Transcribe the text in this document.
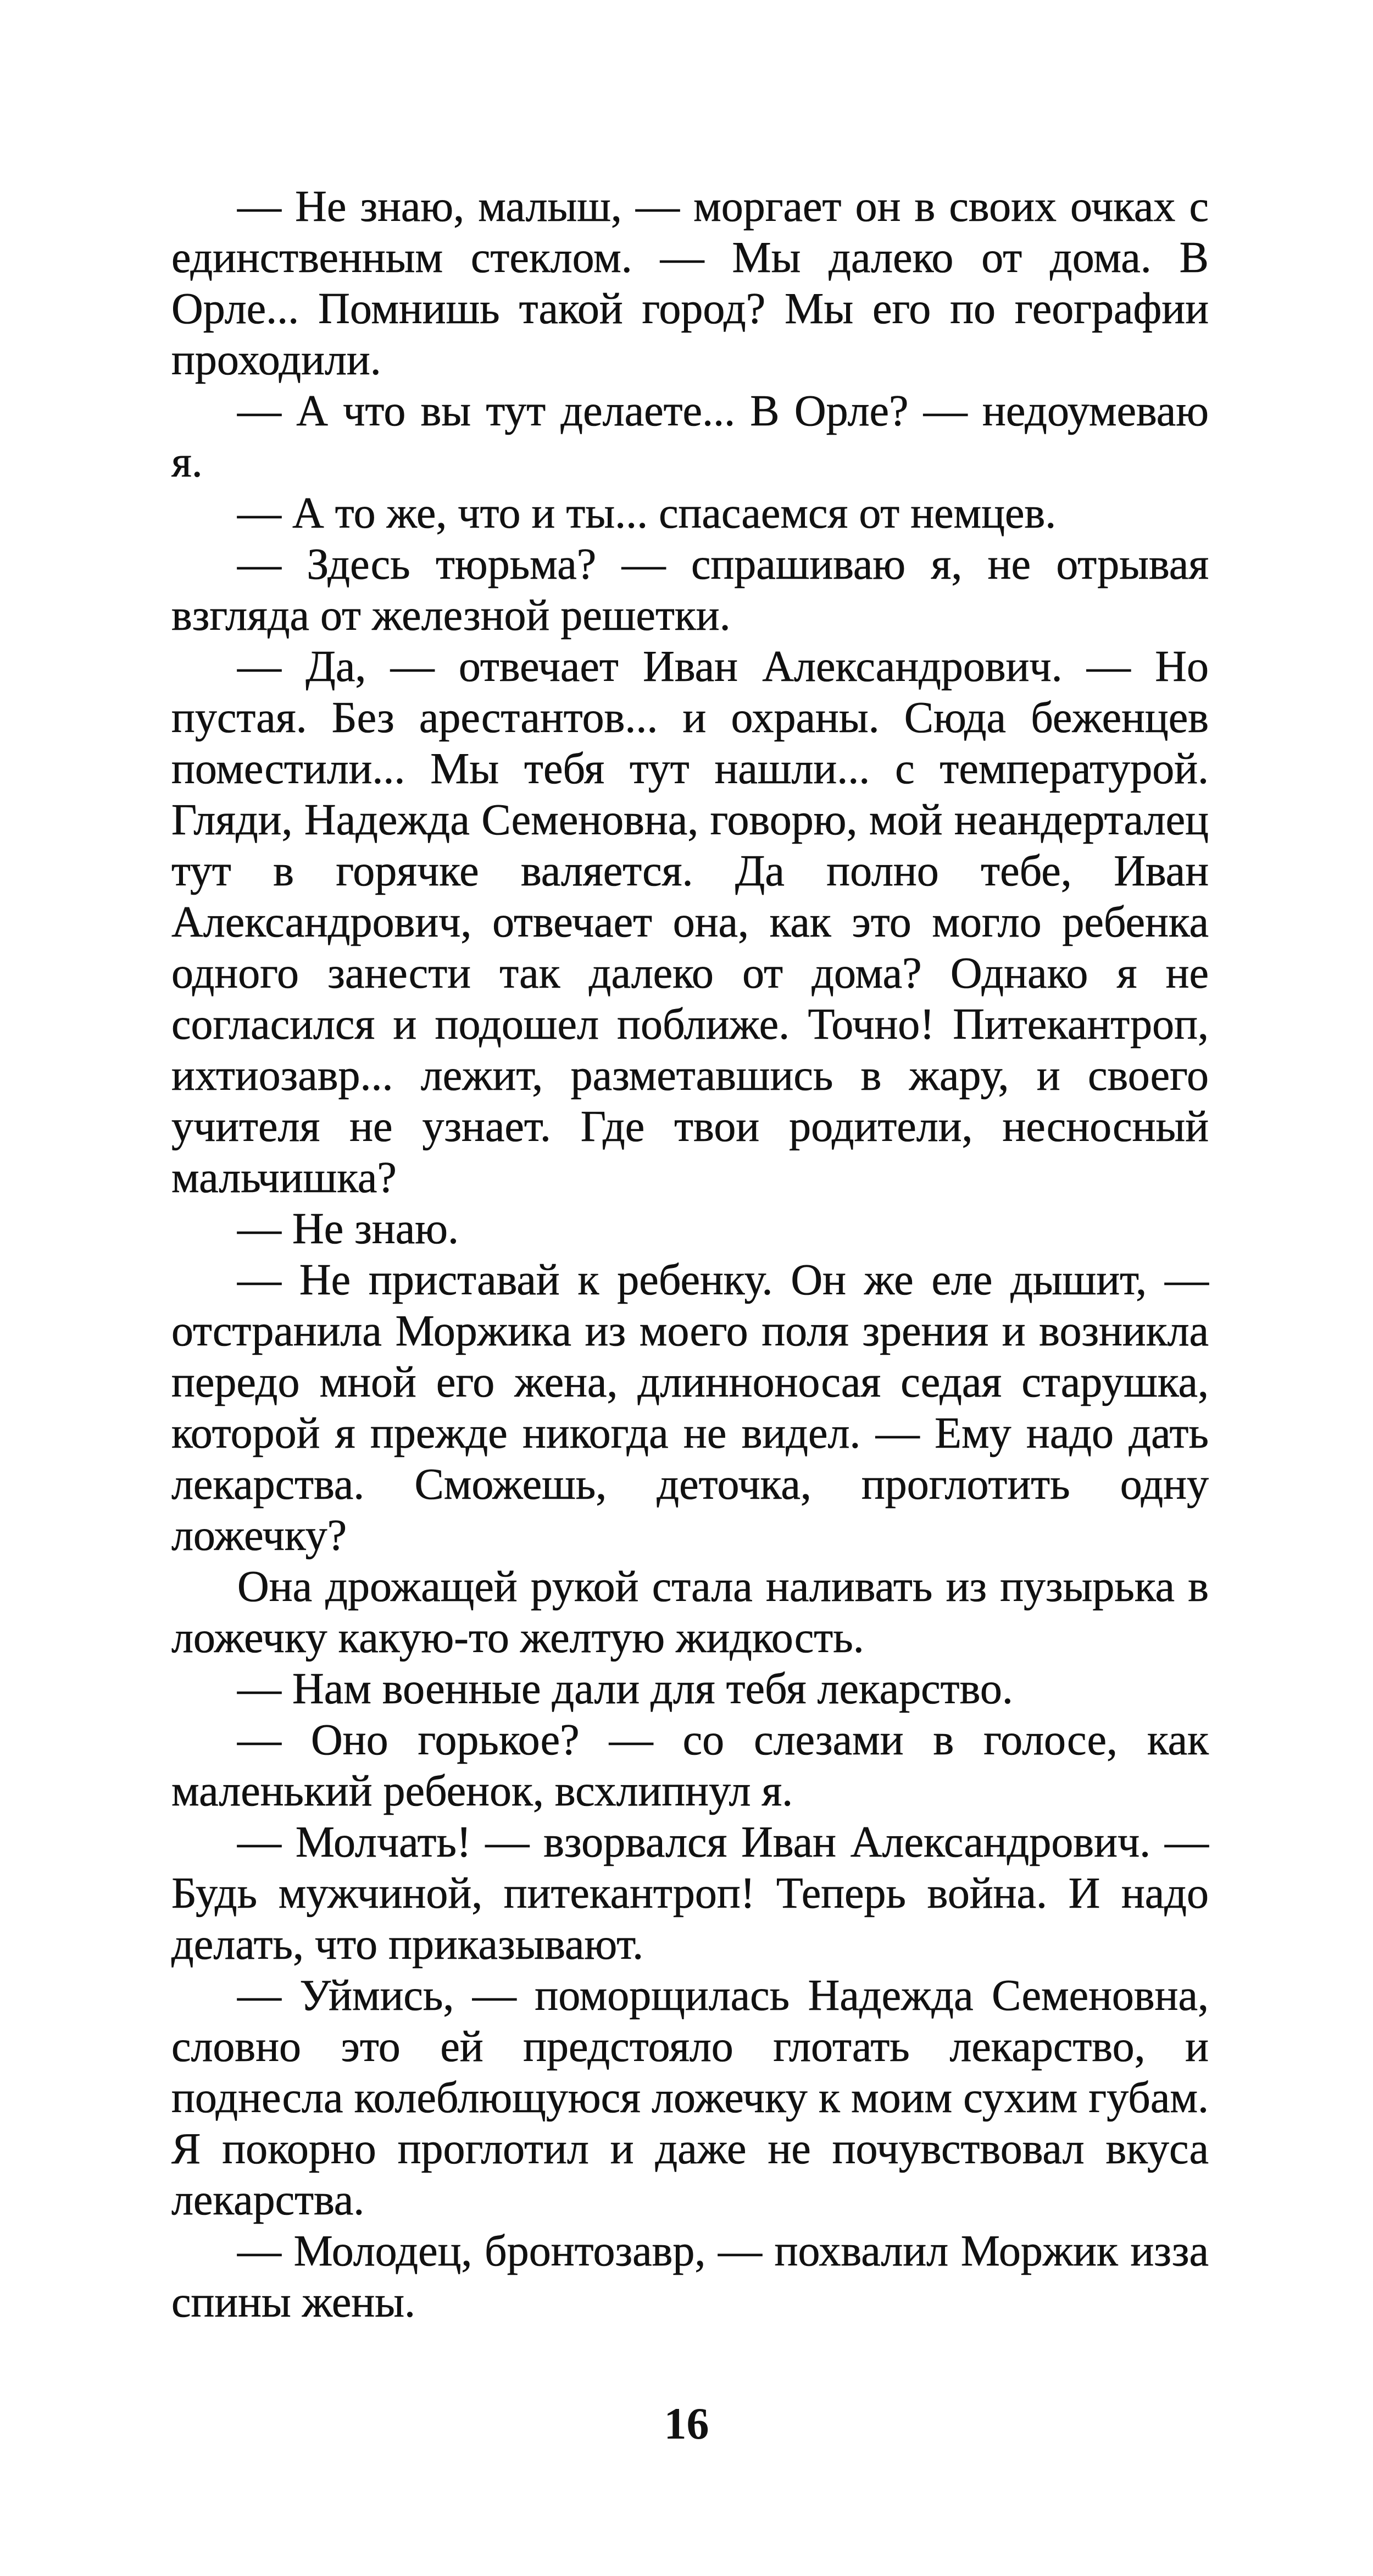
— Не знаю, малыш, — моргает он в своих очках с единственным стеклом. — Мы далеко от дома. В Орле... Помнишь такой город? Мы его по географии проходили.

— А что вы тут делаете... В Орле? — недоумеваю я.

— А то же, что и ты... спасаемся от немцев.

— Здесь тюрьма? — спрашиваю я, не отрывая взгляда от железной решетки.

— Да, — отвечает Иван Александрович. — Но пустая. Без арестантов... и охраны. Сюда беженцев поместили... Мы тебя тут нашли... с температурой. Гляди, Надежда Семеновна, говорю, мой неандерталец тут в горячке валяется. Да полно тебе, Иван Александрович, отвечает она, как это могло ребенка одного занести так далеко от дома? Однако я не согласился и подошел поближе. Точно! Питекантроп, ихтиозавр... лежит, разметавшись в жару, и своего учителя не узнает. Где твои родители, несносный мальчишка?

— Не знаю.

— Не приставай к ребенку. Он же еле дышит, — отстранила Моржика из моего поля зрения и возникла передо мной его жена, длинноносая седая старушка, которой я прежде никогда не видел. — Ему надо дать лекарства. Сможешь, деточка, проглотить одну ложечку?

Она дрожащей рукой стала наливать из пузырька в ложечку какую-то желтую жидкость.

— Нам военные дали для тебя лекарство.

— Оно горькое? — со слезами в голосе, как маленький ребенок, всхлипнул я.

— Молчать! — взорвался Иван Александрович. — Будь мужчиной, питекантроп! Теперь война. И надо делать, что приказывают.

— Уймись, — поморщилась Надежда Семеновна, словно это ей предстояло глотать лекарство, и поднесла колеблющуюся ложечку к моим сухим губам. Я покорно проглотил и даже не почувствовал вкуса лекарства.

— Молодец, бронтозавр, — похвалил Моржик изза спины жены.

16
